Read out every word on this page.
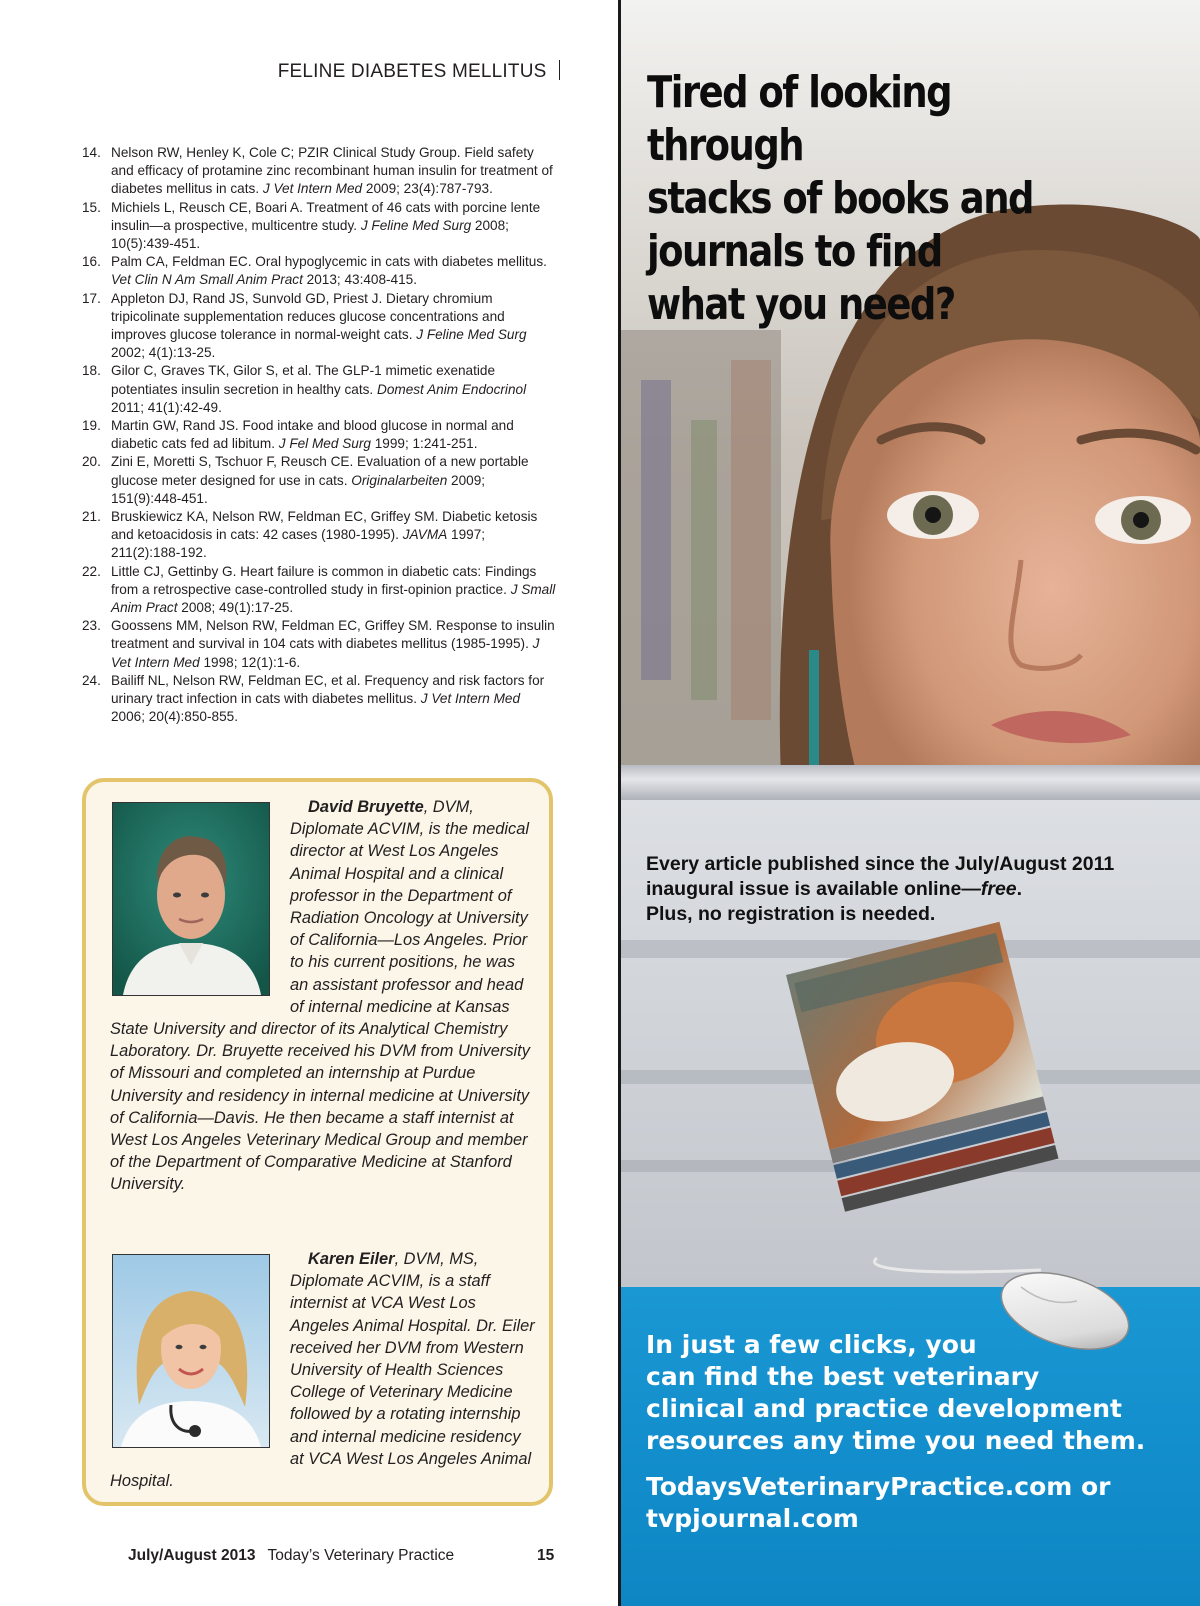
FELINE DIABETES MELLITUS
14. Nelson RW, Henley K, Cole C; PZIR Clinical Study Group. Field safety and efficacy of protamine zinc recombinant human insulin for treatment of diabetes mellitus in cats. J Vet Intern Med 2009; 23(4):787-793.
15. Michiels L, Reusch CE, Boari A. Treatment of 46 cats with porcine lente insulin—a prospective, multicentre study. J Feline Med Surg 2008; 10(5):439-451.
16. Palm CA, Feldman EC. Oral hypoglycemic in cats with diabetes mellitus. Vet Clin N Am Small Anim Pract 2013; 43:408-415.
17. Appleton DJ, Rand JS, Sunvold GD, Priest J. Dietary chromium tripicolinate supplementation reduces glucose concentrations and improves glucose tolerance in normal-weight cats. J Feline Med Surg 2002; 4(1):13-25.
18. Gilor C, Graves TK, Gilor S, et al. The GLP-1 mimetic exenatide potentiates insulin secretion in healthy cats. Domest Anim Endocrinol 2011; 41(1):42-49.
19. Martin GW, Rand JS. Food intake and blood glucose in normal and diabetic cats fed ad libitum. J Fel Med Surg 1999; 1:241-251.
20. Zini E, Moretti S, Tschuor F, Reusch CE. Evaluation of a new portable glucose meter designed for use in cats. Originalarbeiten 2009; 151(9):448-451.
21. Bruskiewicz KA, Nelson RW, Feldman EC, Griffey SM. Diabetic ketosis and ketoacidosis in cats: 42 cases (1980-1995). JAVMA 1997; 211(2):188-192.
22. Little CJ, Gettinby G. Heart failure is common in diabetic cats: Findings from a retrospective case-controlled study in first-opinion practice. J Small Anim Pract 2008; 49(1):17-25.
23. Goossens MM, Nelson RW, Feldman EC, Griffey SM. Response to insulin treatment and survival in 104 cats with diabetes mellitus (1985-1995). J Vet Intern Med 1998; 12(1):1-6.
24. Bailiff NL, Nelson RW, Feldman EC, et al. Frequency and risk factors for urinary tract infection in cats with diabetes mellitus. J Vet Intern Med 2006; 20(4):850-855.
David Bruyette, DVM, Diplomate ACVIM, is the medical director at West Los Angeles Animal Hospital and a clinical professor in the Department of Radiation Oncology at University of California—Los Angeles. Prior to his current positions, he was an assistant professor and head of internal medicine at Kansas State University and director of its Analytical Chemistry Laboratory. Dr. Bruyette received his DVM from University of Missouri and completed an internship at Purdue University and residency in internal medicine at University of California—Davis. He then became a staff internist at West Los Angeles Veterinary Medical Group and member of the Department of Comparative Medicine at Stanford University.
Karen Eiler, DVM, MS, Diplomate ACVIM, is a staff internist at VCA West Los Angeles Animal Hospital. Dr. Eiler received her DVM from Western University of Health Sciences College of Veterinary Medicine followed by a rotating internship and internal medicine residency at VCA West Los Angeles Animal Hospital.
July/August 2013 Today’s Veterinary Practice	15
Tired of looking through
stacks of books and
journals to find
what you need?
Every article published since the July/August 2011
inaugural issue is available online—free.
Plus, no registration is needed.
In just a few clicks, you
can find the best veterinary
clinical and practice development
resources any time you need them.
TodaysVeterinaryPractice.com or
tvpjournal.com
